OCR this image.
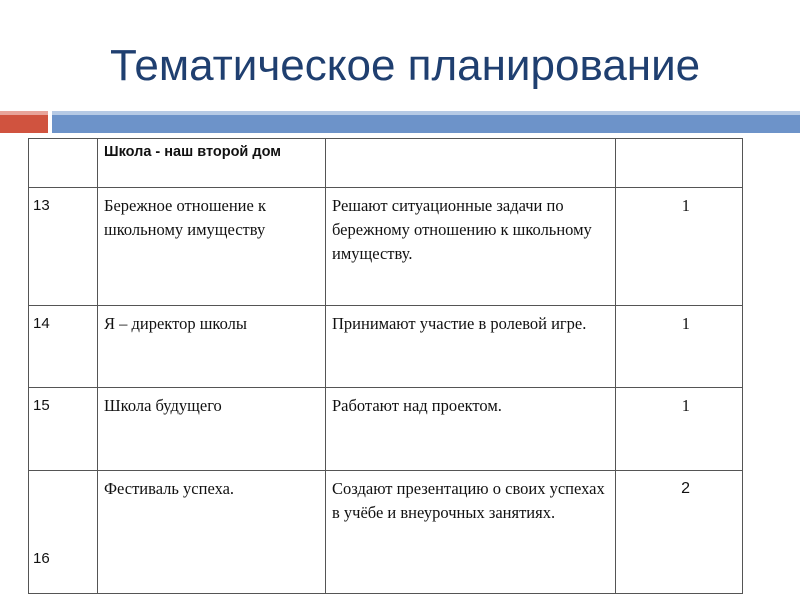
Тематическое планирование
	Школа - наш второй дом		
13	Бережное отношение к школьному имуществу	Решают ситуационные задачи по бережному отношению к школьному имуществу.	1
14	Я – директор школы	Принимают участие в ролевой игре.	1
15	Школа будущего	Работают над проектом.	1
16	Фестиваль успеха.	Создают презентацию о своих успехах в учёбе и внеурочных занятиях.	2
